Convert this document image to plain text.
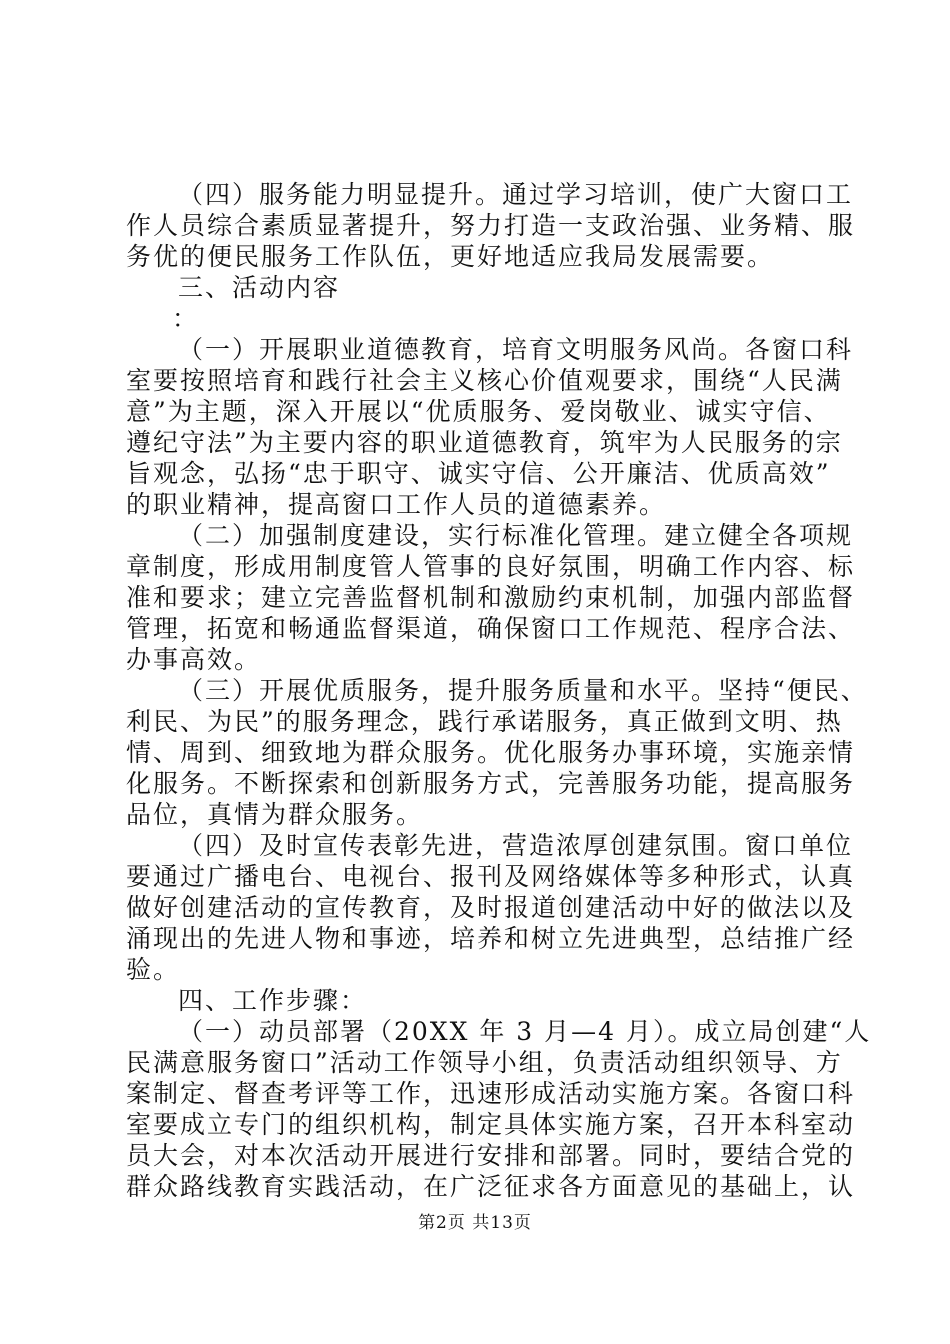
（四）服务能力明显提升。通过学习培训，使广大窗口工
作人员综合素质显著提升，努力打造一支政治强、业务精、服
务优的便民服务工作队伍，更好地适应我局发展需要。
三、活动内容
：
（一）开展职业道德教育，培育文明服务风尚。各窗口科
室要按照培育和践行社会主义核心价值观要求，围绕“人民满
意”为主题，深入开展以“优质服务、爱岗敬业、诚实守信、
遵纪守法”为主要内容的职业道德教育，筑牢为人民服务的宗
旨观念，弘扬“忠于职守、诚实守信、公开廉洁、优质高效”
的职业精神，提高窗口工作人员的道德素养。
（二）加强制度建设，实行标准化管理。建立健全各项规
章制度，形成用制度管人管事的良好氛围，明确工作内容、标
准和要求；建立完善监督机制和激励约束机制，加强内部监督
管理，拓宽和畅通监督渠道，确保窗口工作规范、程序合法、
办事高效。
（三）开展优质服务，提升服务质量和水平。坚持“便民、
利民、为民”的服务理念，践行承诺服务，真正做到文明、热
情、周到、细致地为群众服务。优化服务办事环境，实施亲情
化服务。不断探索和创新服务方式，完善服务功能，提高服务
品位，真情为群众服务。
（四）及时宣传表彰先进，营造浓厚创建氛围。窗口单位
要通过广播电台、电视台、报刊及网络媒体等多种形式，认真
做好创建活动的宣传教育，及时报道创建活动中好的做法以及
涌现出的先进人物和事迹，培养和树立先进典型，总结推广经
验。
四、工作步骤：
（一）动员部署（20XX 年 3 月—4 月）。成立局创建“人
民满意服务窗口”活动工作领导小组，负责活动组织领导、方
案制定、督查考评等工作，迅速形成活动实施方案。各窗口科
室要成立专门的组织机构，制定具体实施方案，召开本科室动
员大会，对本次活动开展进行安排和部署。同时，要结合党的
群众路线教育实践活动，在广泛征求各方面意见的基础上，认
第2页 共13页
